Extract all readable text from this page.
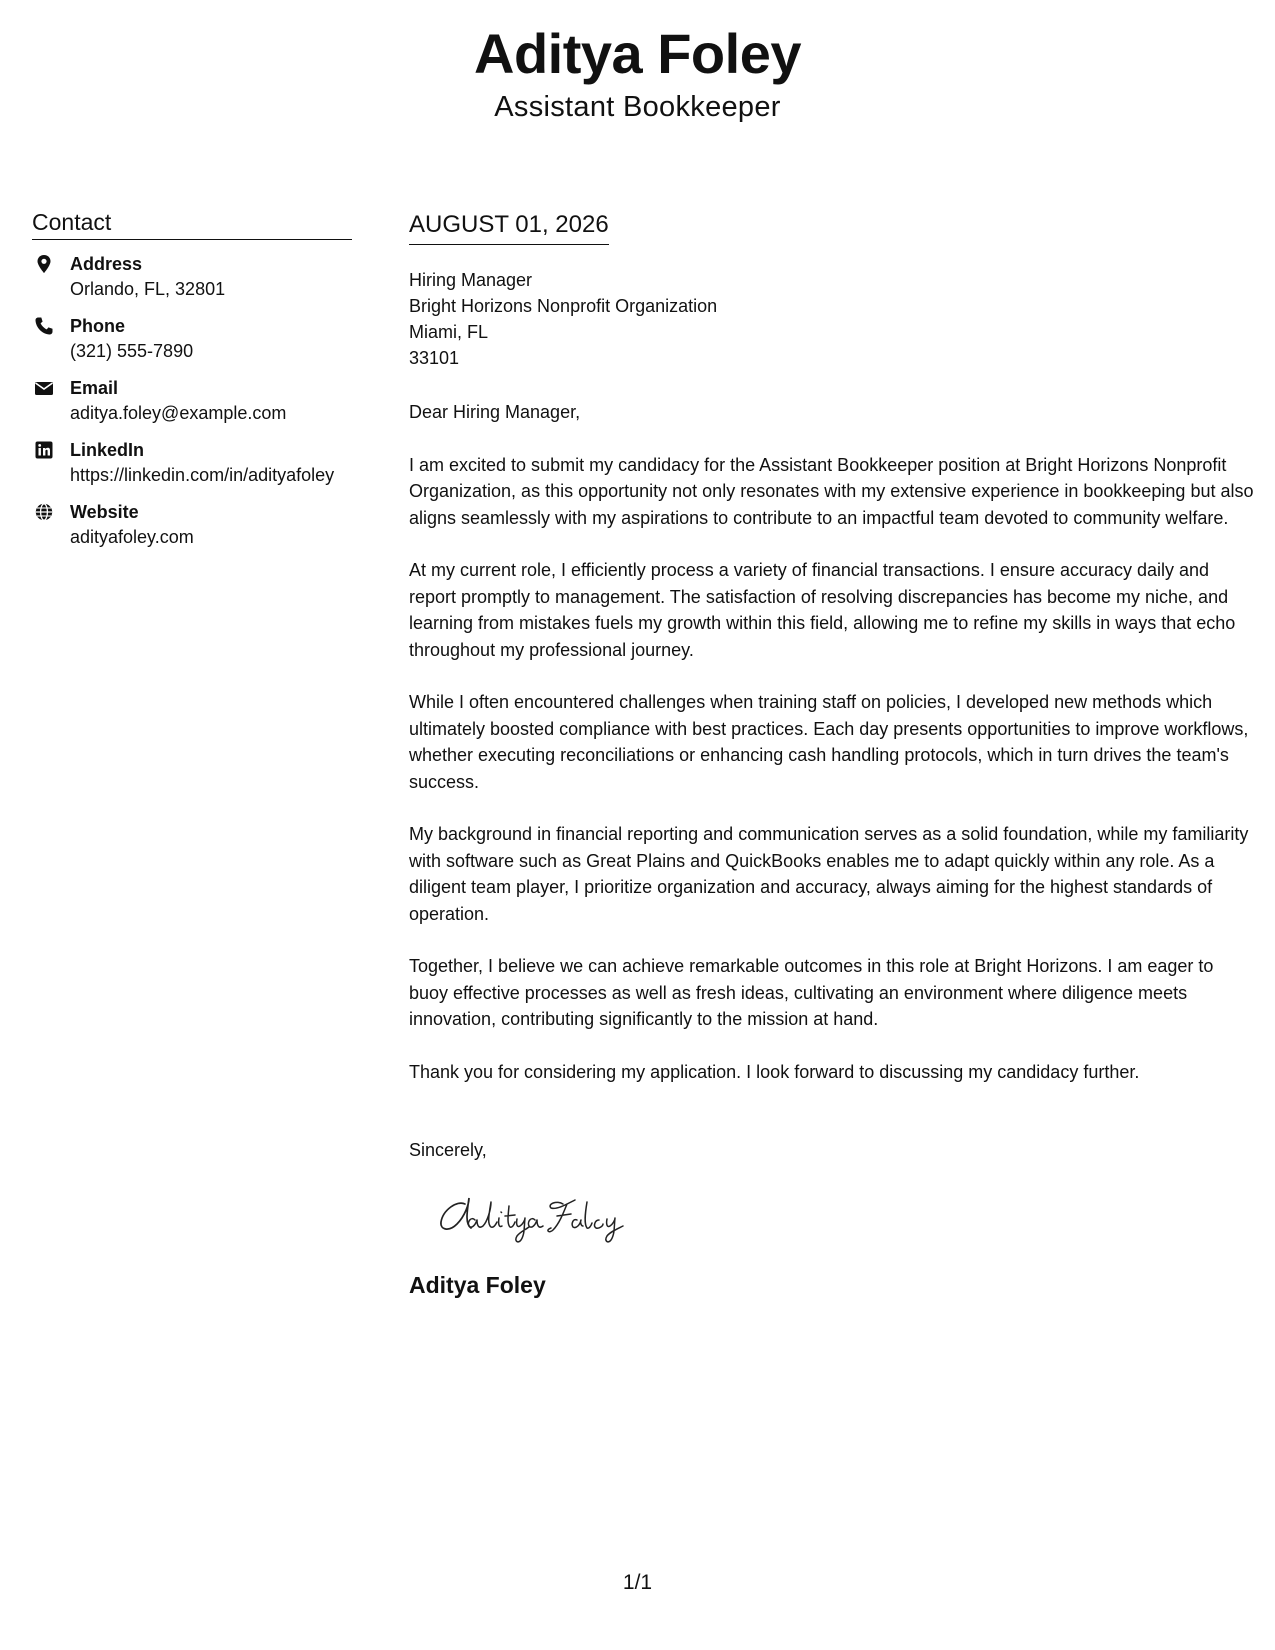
Aditya Foley
Assistant Bookkeeper
Contact
Address
Orlando, FL, 32801
Phone
(321) 555-7890
Email
aditya.foley@example.com
LinkedIn
https://linkedin.com/in/adityafoley
Website
adityafoley.com
AUGUST 01, 2026
Hiring Manager
Bright Horizons Nonprofit Organization
Miami, FL
33101
Dear Hiring Manager,
I am excited to submit my candidacy for the Assistant Bookkeeper position at Bright Horizons Nonprofit Organization, as this opportunity not only resonates with my extensive experience in bookkeeping but also aligns seamlessly with my aspirations to contribute to an impactful team devoted to community welfare.
At my current role, I efficiently process a variety of financial transactions. I ensure accuracy daily and report promptly to management. The satisfaction of resolving discrepancies has become my niche, and learning from mistakes fuels my growth within this field, allowing me to refine my skills in ways that echo throughout my professional journey.
While I often encountered challenges when training staff on policies, I developed new methods which ultimately boosted compliance with best practices. Each day presents opportunities to improve workflows, whether executing reconciliations or enhancing cash handling protocols, which in turn drives the team's success.
My background in financial reporting and communication serves as a solid foundation, while my familiarity with software such as Great Plains and QuickBooks enables me to adapt quickly within any role. As a diligent team player, I prioritize organization and accuracy, always aiming for the highest standards of operation.
Together, I believe we can achieve remarkable outcomes in this role at Bright Horizons. I am eager to buoy effective processes as well as fresh ideas, cultivating an environment where diligence meets innovation, contributing significantly to the mission at hand.
Thank you for considering my application. I look forward to discussing my candidacy further.
Sincerely,
Aditya Foley
1/1
